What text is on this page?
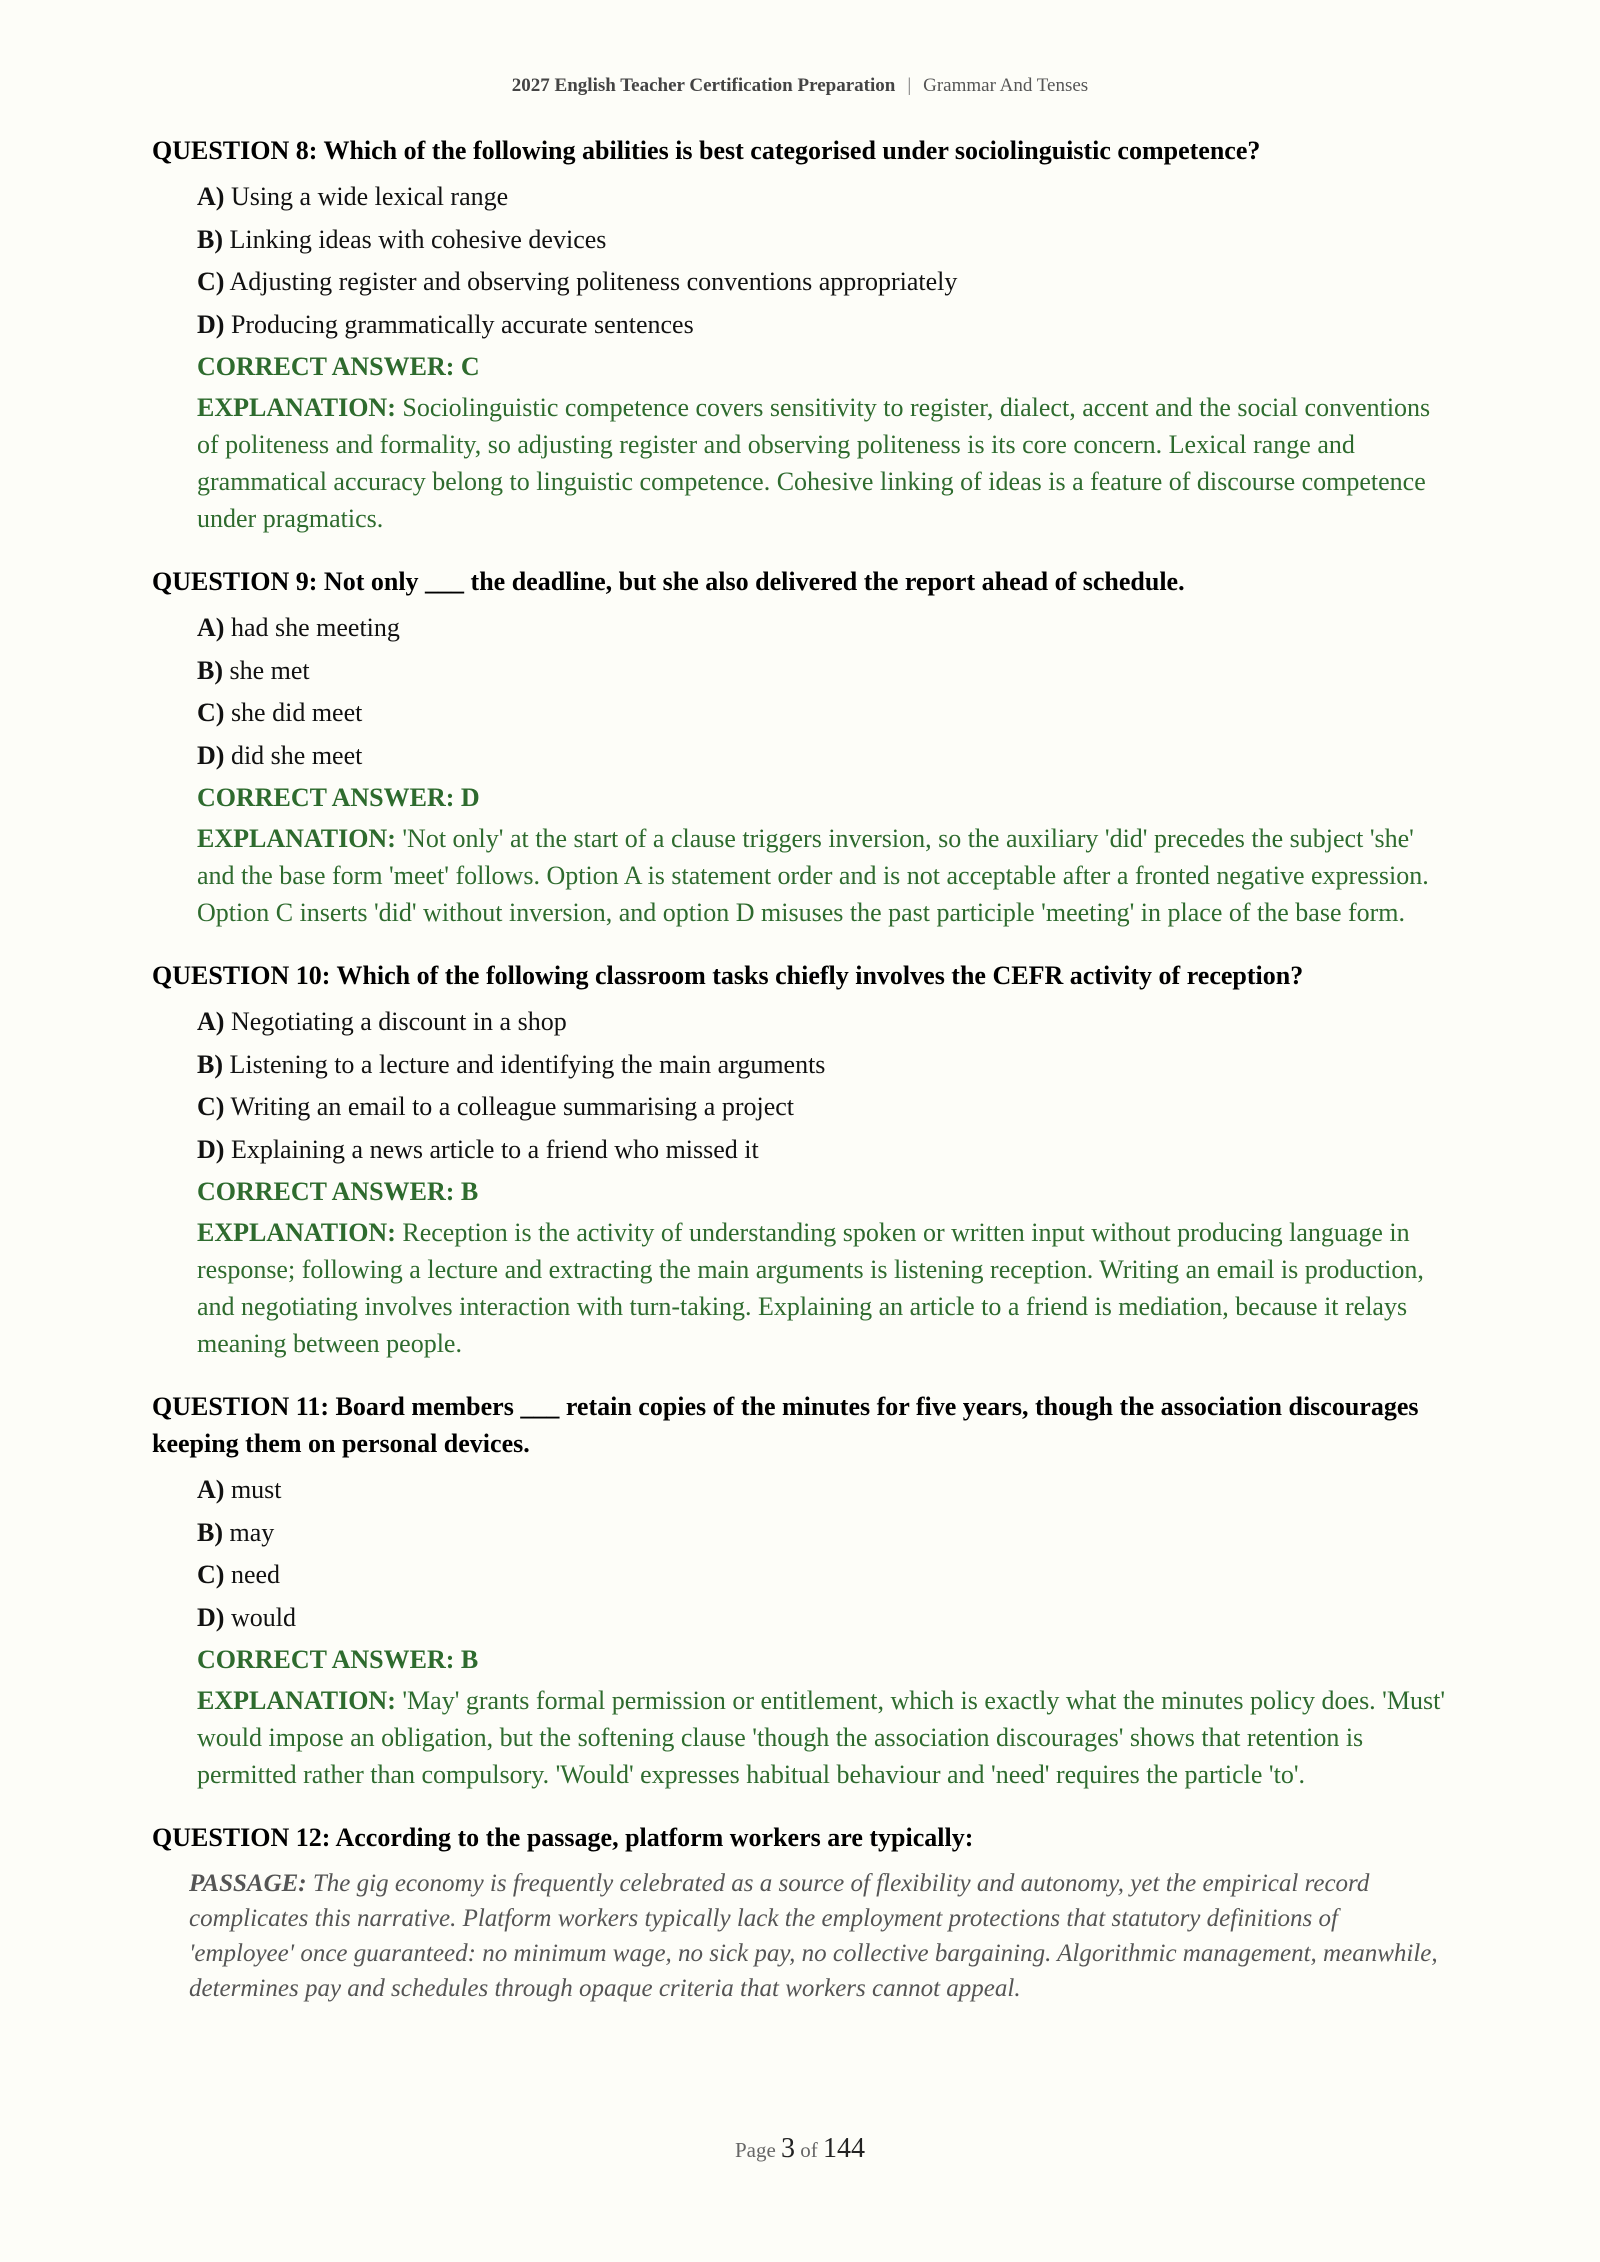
2027 English Teacher Certification Preparation | Grammar And Tenses
QUESTION 8: Which of the following abilities is best categorised under sociolinguistic competence?
A) Using a wide lexical range
B) Linking ideas with cohesive devices
C) Adjusting register and observing politeness conventions appropriately
D) Producing grammatically accurate sentences
CORRECT ANSWER: C
EXPLANATION: Sociolinguistic competence covers sensitivity to register, dialect, accent and the social conventions of politeness and formality, so adjusting register and observing politeness is its core concern. Lexical range and grammatical accuracy belong to linguistic competence. Cohesive linking of ideas is a feature of discourse competence under pragmatics.
QUESTION 9: Not only ___ the deadline, but she also delivered the report ahead of schedule.
A) had she meeting
B) she met
C) she did meet
D) did she meet
CORRECT ANSWER: D
EXPLANATION: 'Not only' at the start of a clause triggers inversion, so the auxiliary 'did' precedes the subject 'she' and the base form 'meet' follows. Option A is statement order and is not acceptable after a fronted negative expression. Option C inserts 'did' without inversion, and option D misuses the past participle 'meeting' in place of the base form.
QUESTION 10: Which of the following classroom tasks chiefly involves the CEFR activity of reception?
A) Negotiating a discount in a shop
B) Listening to a lecture and identifying the main arguments
C) Writing an email to a colleague summarising a project
D) Explaining a news article to a friend who missed it
CORRECT ANSWER: B
EXPLANATION: Reception is the activity of understanding spoken or written input without producing language in response; following a lecture and extracting the main arguments is listening reception. Writing an email is production, and negotiating involves interaction with turn-taking. Explaining an article to a friend is mediation, because it relays meaning between people.
QUESTION 11: Board members ___ retain copies of the minutes for five years, though the association discourages keeping them on personal devices.
A) must
B) may
C) need
D) would
CORRECT ANSWER: B
EXPLANATION: 'May' grants formal permission or entitlement, which is exactly what the minutes policy does. 'Must' would impose an obligation, but the softening clause 'though the association discourages' shows that retention is permitted rather than compulsory. 'Would' expresses habitual behaviour and 'need' requires the particle 'to'.
QUESTION 12: According to the passage, platform workers are typically:
PASSAGE: The gig economy is frequently celebrated as a source of flexibility and autonomy, yet the empirical record complicates this narrative. Platform workers typically lack the employment protections that statutory definitions of 'employee' once guaranteed: no minimum wage, no sick pay, no collective bargaining. Algorithmic management, meanwhile, determines pay and schedules through opaque criteria that workers cannot appeal.
Page 3 of 144
